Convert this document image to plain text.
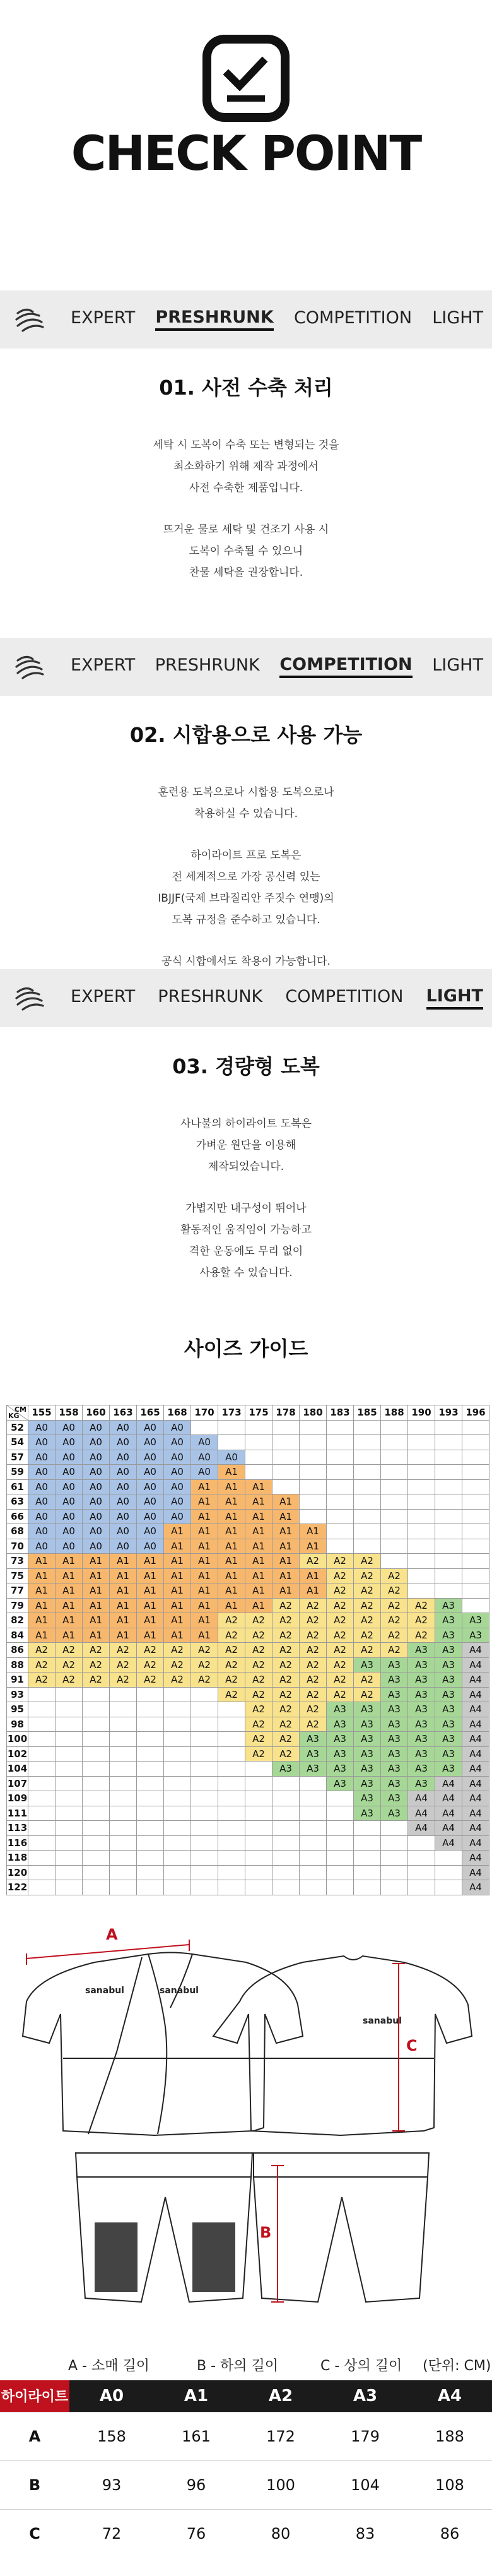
CHECK POINT
EXPERT PRESHRUNK COMPETITION LIGHT
01. 사전 수축 처리
세탁 시 도복이 수축 또는 변형되는 것을
최소화하기 위해 제작 과정에서
사전 수축한 제품입니다.
뜨거운 물로 세탁 및 건조기 사용 시
도복이 수축될 수 있으니
찬물 세탁을 권장합니다.
EXPERT PRESHRUNK COMPETITION LIGHT
02. 시합용으로 사용 가능
훈련용 도복으로나 시합용 도복으로나
착용하실 수 있습니다.
하이라이트 프로 도복은
전 세계적으로 가장 공신력 있는
IBJJF(국제 브라질리안 주짓수 연맹)의
도복 규정을 준수하고 있습니다.
공식 시합에서도 착용이 가능합니다.
EXPERT PRESHRUNK COMPETITION LIGHT
03. 경량형 도복
사나불의 하이라이트 도복은
가벼운 원단을 이용해
제작되었습니다.
가볍지만 내구성이 뛰어나
활동적인 움직임이 가능하고
격한 운동에도 무리 없이
사용할 수 있습니다.
사이즈 가이드
CM
KG	155	158	160	163	165	168	170	173	175	178	180	183	185	188	190	193	196
52	A0	A0	A0	A0	A0	A0											
54	A0	A0	A0	A0	A0	A0	A0										
57	A0	A0	A0	A0	A0	A0	A0	A0									
59	A0	A0	A0	A0	A0	A0	A0	A1									
61	A0	A0	A0	A0	A0	A0	A1	A1	A1								
63	A0	A0	A0	A0	A0	A0	A1	A1	A1	A1							
66	A0	A0	A0	A0	A0	A0	A1	A1	A1	A1							
68	A0	A0	A0	A0	A0	A1	A1	A1	A1	A1	A1						
70	A0	A0	A0	A0	A0	A1	A1	A1	A1	A1	A1						
73	A1	A1	A1	A1	A1	A1	A1	A1	A1	A1	A2	A2	A2				
75	A1	A1	A1	A1	A1	A1	A1	A1	A1	A1	A1	A2	A2	A2			
77	A1	A1	A1	A1	A1	A1	A1	A1	A1	A1	A1	A2	A2	A2			
79	A1	A1	A1	A1	A1	A1	A1	A1	A1	A2	A2	A2	A2	A2	A2	A3	
82	A1	A1	A1	A1	A1	A1	A1	A2	A2	A2	A2	A2	A2	A2	A2	A3	A3
84	A1	A1	A1	A1	A1	A1	A1	A2	A2	A2	A2	A2	A2	A2	A2	A3	A3
86	A2	A2	A2	A2	A2	A2	A2	A2	A2	A2	A2	A2	A2	A2	A3	A3	A4
88	A2	A2	A2	A2	A2	A2	A2	A2	A2	A2	A2	A2	A3	A3	A3	A3	A4
91	A2	A2	A2	A2	A2	A2	A2	A2	A2	A2	A2	A2	A2	A3	A3	A3	A4
93								A2	A2	A2	A2	A2	A2	A3	A3	A3	A4
95									A2	A2	A2	A3	A3	A3	A3	A3	A4
98									A2	A2	A2	A3	A3	A3	A3	A3	A4
100									A2	A2	A3	A3	A3	A3	A3	A3	A4
102									A2	A2	A3	A3	A3	A3	A3	A3	A4
104										A3	A3	A3	A3	A3	A3	A3	A4
107												A3	A3	A3	A3	A4	A4
109													A3	A3	A4	A4	A4
111													A3	A3	A4	A4	A4
113															A4	A4	A4
116																A4	A4
118																	A4
120																	A4
122																	A4
sanabul	sanabul
sanabul
A
B
C
A - 소매 길이	B - 하의 길이	C - 상의 길이 (단위: CM)
하이라이트	A0	A1	A2	A3	A4
A	158	161	172	179	188
B	93	96	100	104	108
C	72	76	80	83	86
